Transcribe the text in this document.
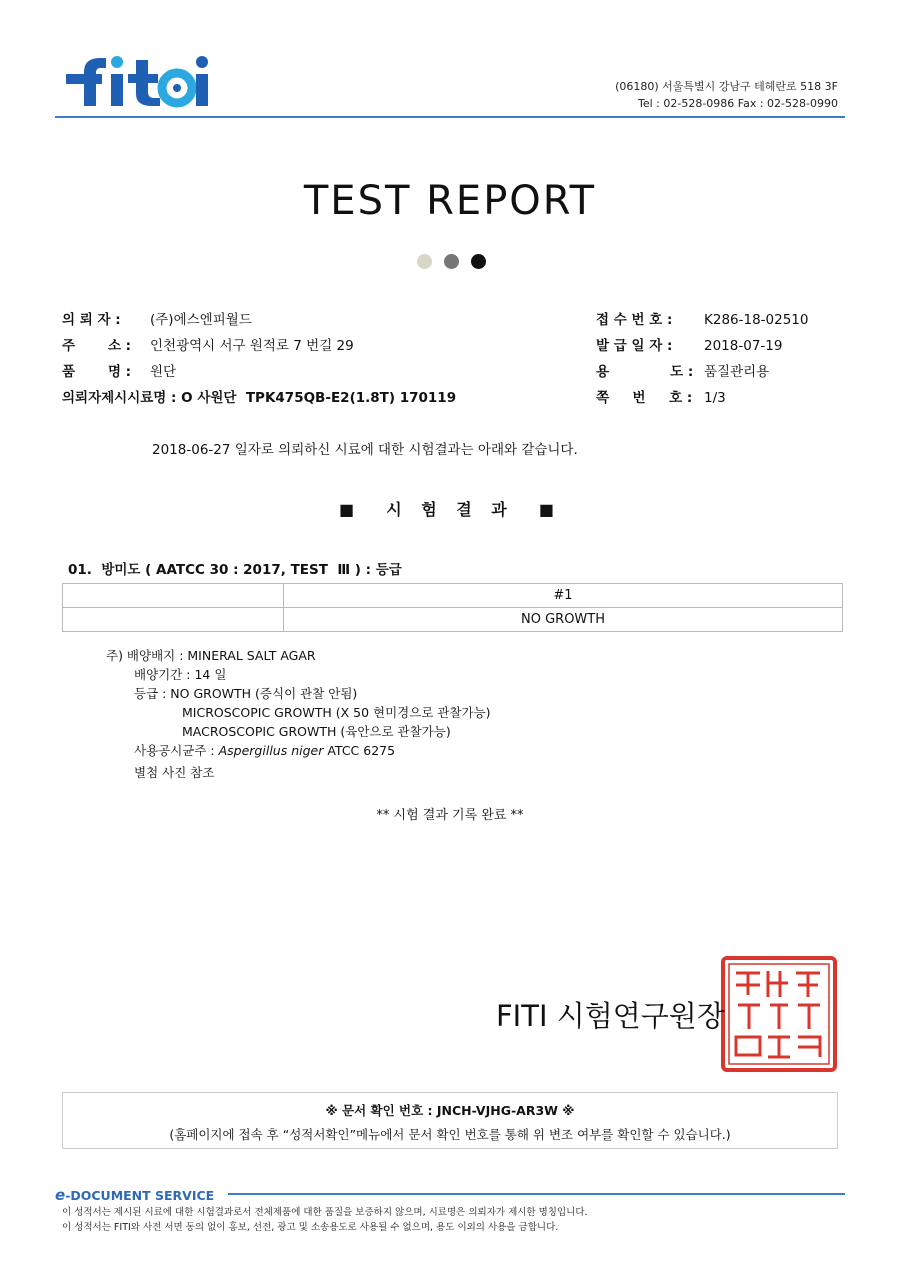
fiti
(06180) 서울특별시 강남구 테헤란로 518 3F
Tel : 02-528-0986 Fax : 02-528-0990
TEST REPORT
의 뢰 자 : (주)에스엔피월드
주       소 : 인천광역시 서구 원적로 7 번길 29
품       명 : 원단
의뢰자제시시료명 : O 사원단  TPK475QB-E2(1.8T) 170119
접 수 번 호 : K286-18-02510
발 급 일 자 : 2018-07-19
용             도 : 품질관리용
쪽     번     호 : 1/3
2018-06-27 일자로 의뢰하신 시료에 대한 시험결과는 아래와 같습니다.
■  시 험 결 과  ■
01.  방미도 ( AATCC 30 : 2017, TEST  Ⅲ ) : 등급
	#1
	NO GROWTH
주) 배양배지 : MINERAL SALT AGAR
배양기간 : 14 일
등급 : NO GROWTH (증식이 관찰 안됨)
MICROSCOPIC GROWTH (X 50 현미경으로 관찰가능)
MACROSCOPIC GROWTH (육안으로 관찰가능)
사용공시균주 : Aspergillus niger ATCC 6275
별첨 사진 참조
** 시험 결과 기록 완료 **
FITI 시험연구원장
※ 문서 확인 번호 : JNCH-VJHG-AR3W ※
(홈페이지에 접속 후 “성적서확인”메뉴에서 문서 확인 번호를 통해 위 변조 여부를 확인할 수 있습니다.)
e-DOCUMENT SERVICE
이 성적서는 제시된 시료에 대한 시험결과로서 전체제품에 대한 품질을 보증하지 않으며, 시료명은 의뢰자가 제시한 명칭입니다.
이 성적서는 FITI와 사전 서면 동의 없이 홍보, 선전, 광고 및 소송용도로 사용될 수 없으며, 용도 이외의 사용을 금합니다.
